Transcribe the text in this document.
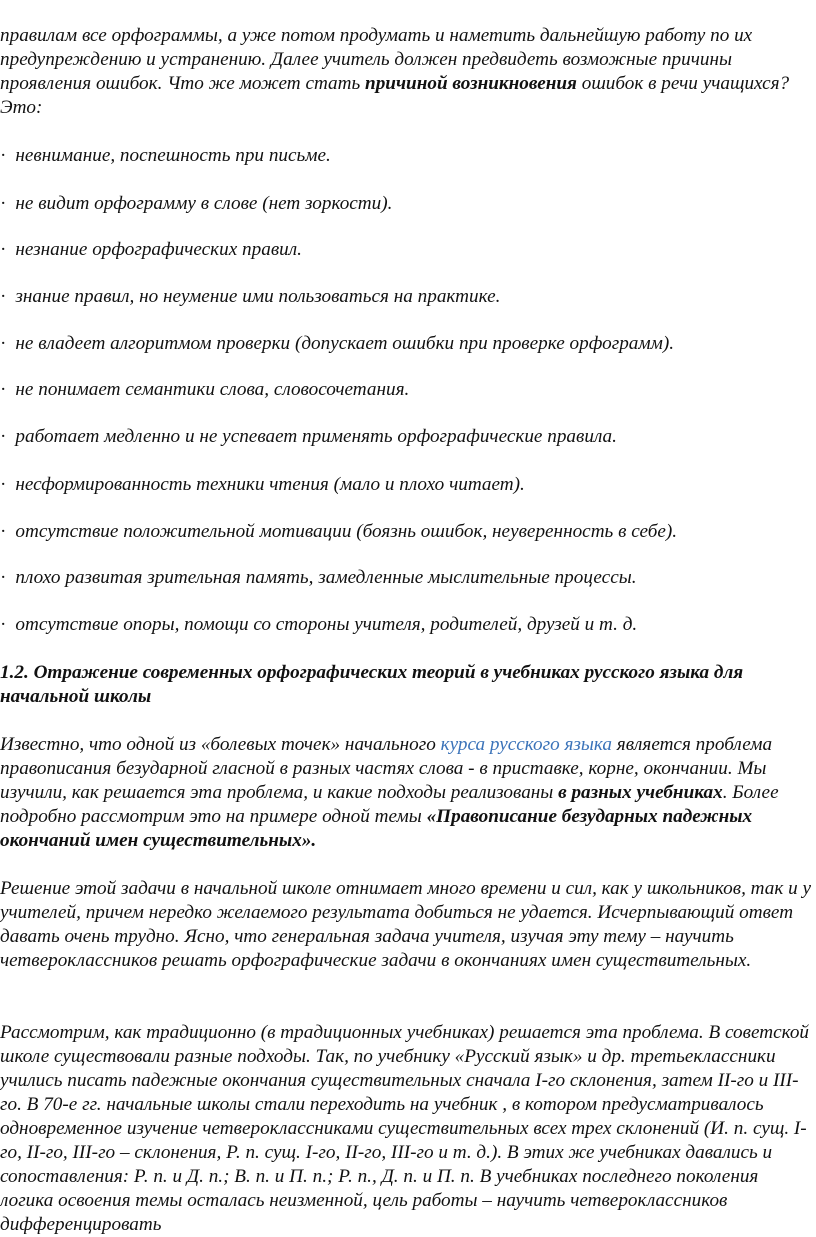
правилам все орфограммы, а уже потом продумать и наметить дальнейшую работу по их предупреждению и устранению. Далее учитель должен предвидеть возможные причины проявления ошибок. Что же может стать причиной возникновения ошибок в речи учащихся? Это:

· невнимание, поспешность при письме.
· не видит орфограмму в слове (нет зоркости).
· незнание орфографических правил.
· знание правил, но неумение ими пользоваться на практике.
· не владеет алгоритмом проверки (допускает ошибки при проверке орфограмм).
· не понимает семантики слова, словосочетания.
· работает медленно и не успевает применять орфографические правила.
· несформированность техники чтения (мало и плохо читает).
· отсутствие положительной мотивации (боязнь ошибок, неуверенность в себе).
· плохо развитая зрительная память, замедленные мыслительные процессы.
· отсутствие опоры, помощи со стороны учителя, родителей, друзей и т. д.

1.2. Отражение современных орфографических теорий в учебниках русского языка для начальной школы

Известно, что одной из «болевых точек» начального курса русского языка является проблема правописания безударной гласной в разных частях слова - в приставке, корне, окончании. Мы изучили, как решается эта проблема, и какие подходы реализованы в разных учебниках. Более подробно рассмотрим это на примере одной темы «Правописание безударных падежных окончаний имен существительных».

Решение этой задачи в начальной школе отнимает много времени и сил, как у школьников, так и у учителей, причем нередко желаемого результата добиться не удается. Исчерпывающий ответ давать очень трудно. Ясно, что генеральная задача учителя, изучая эту тему – научить четвероклассников решать орфографические задачи в окончаниях имен существительных.

Рассмотрим, как традиционно (в традиционных учебниках) решается эта проблема. В советской школе существовали разные подходы. Так, по учебнику «Русский язык» и др. третьеклассники учились писать падежные окончания существительных сначала I-го склонения, затем II-го и III-го. В 70-е гг. начальные школы стали переходить на учебник , в котором предусматривалось одновременное изучение четвероклассниками существительных всех трех склонений (И. п. сущ. I-го, II-го, III-го – склонения, Р. п. сущ. I-го, II-го, III-го и т. д.). В этих же учебниках давались и сопоставления: Р. п. и Д. п.; В. п. и П. п.; Р. п., Д. п. и П. п. В учебниках последнего поколения логика освоения темы осталась неизменной, цель работы – научить четвероклассников дифференцировать
